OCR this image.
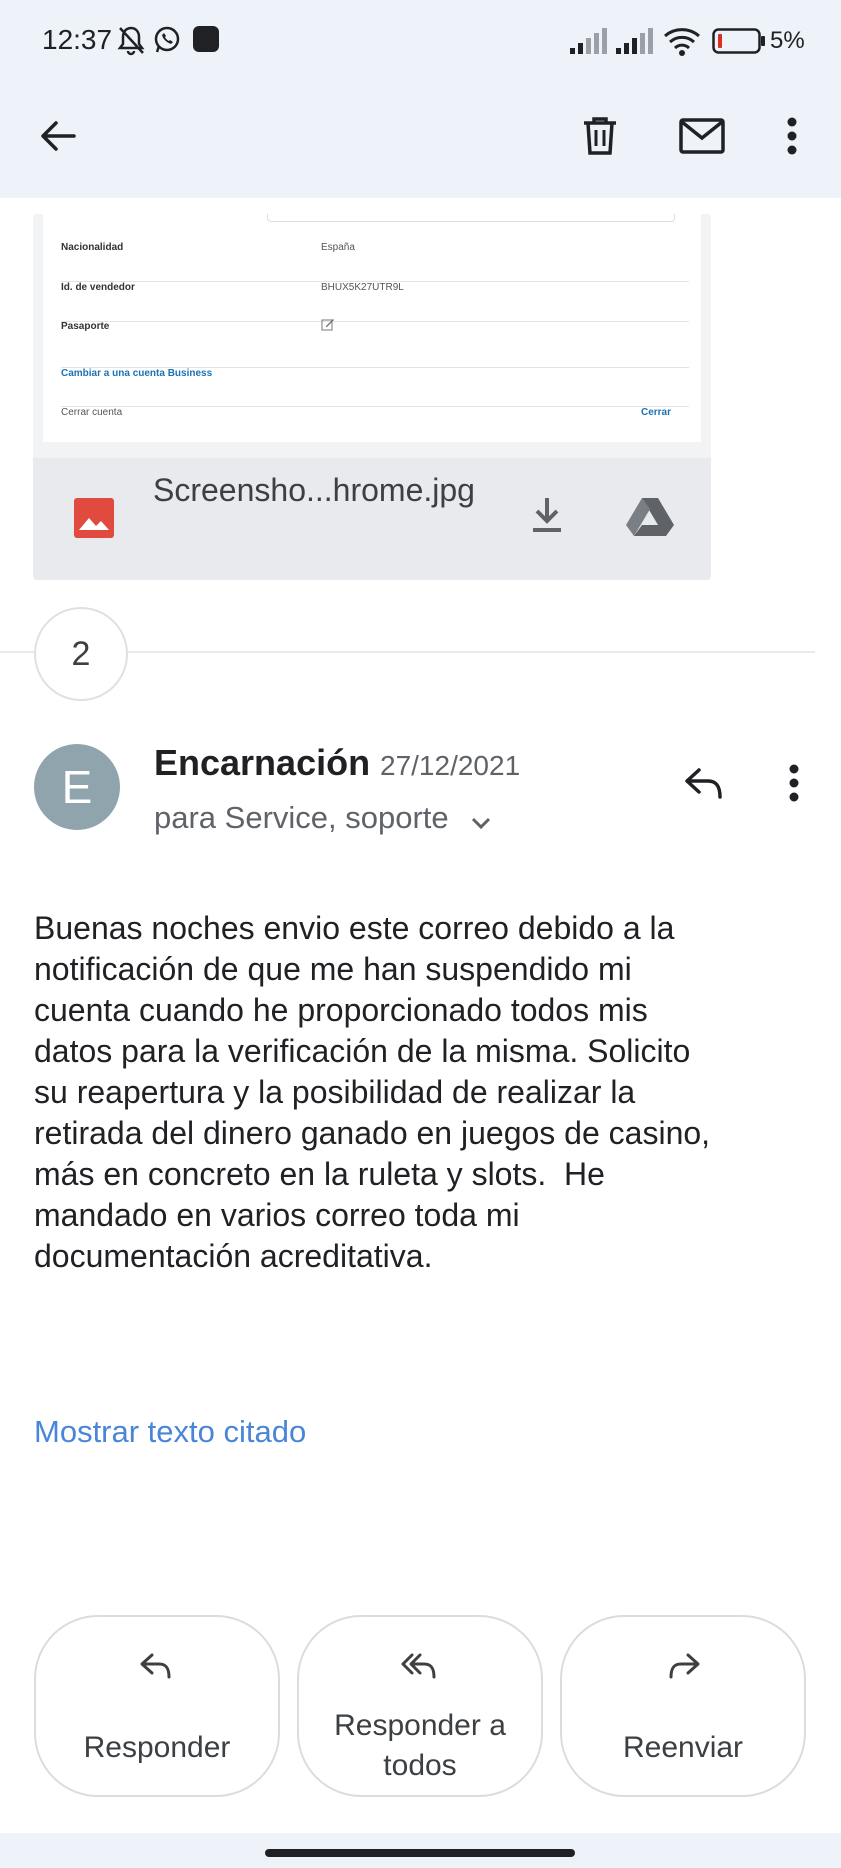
12:37	5%
Nacionalidad	España
Id. de vendedor	BHUX5K27UTR9L
Pasaporte
Cambiar a una cuenta Business
Cerrar cuenta	Cerrar
Screensho...hrome.jpg
2
E	Encarnación 27/12/2021
para Service, soporte
Buenas noches envio este correo debido a la
notificación de que me han suspendido mi
cuenta cuando he proporcionado todos mis
datos para la verificación de la misma. Solicito
su reapertura y la posibilidad de realizar la
retirada del dinero ganado en juegos de casino,
más en concreto en la ruleta y slots.  He
mandado en varios correo toda mi
documentación acreditativa.
Mostrar texto citado
Responder
Responder a
todos
Reenviar
